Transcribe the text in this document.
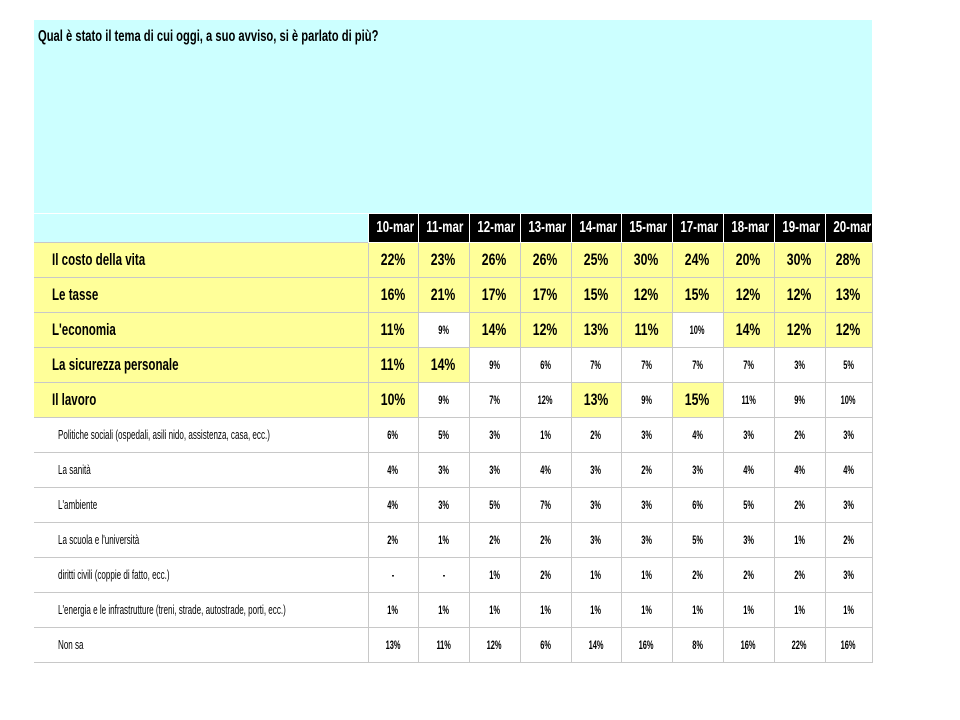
Qual è stato il tema di cui oggi, a suo avviso, si è parlato di più?
	10-mar	11-mar	12-mar	13-mar	14-mar	15-mar	17-mar	18-mar	19-mar	20-mar
Il costo della vita	22%	23%	26%	26%	25%	30%	24%	20%	30%	28%
Le tasse	16%	21%	17%	17%	15%	12%	15%	12%	12%	13%
L'economia	11%	9%	14%	12%	13%	11%	10%	14%	12%	12%
La sicurezza personale	11%	14%	9%	6%	7%	7%	7%	7%	3%	5%
Il lavoro	10%	9%	7%	12%	13%	9%	15%	11%	9%	10%
Politiche sociali (ospedali, asili nido, assistenza, casa, ecc.)	6%	5%	3%	1%	2%	3%	4%	3%	2%	3%
La sanità	4%	3%	3%	4%	3%	2%	3%	4%	4%	4%
L'ambiente	4%	3%	5%	7%	3%	3%	6%	5%	2%	3%
La scuola e l'università	2%	1%	2%	2%	3%	3%	5%	3%	1%	2%
diritti civili (coppie di fatto, ecc.)	-	-	1%	2%	1%	1%	2%	2%	2%	3%
L'energia e le infrastrutture (treni, strade, autostrade, porti, ecc.)	1%	1%	1%	1%	1%	1%	1%	1%	1%	1%
Non sa	13%	11%	12%	6%	14%	16%	8%	16%	22%	16%
